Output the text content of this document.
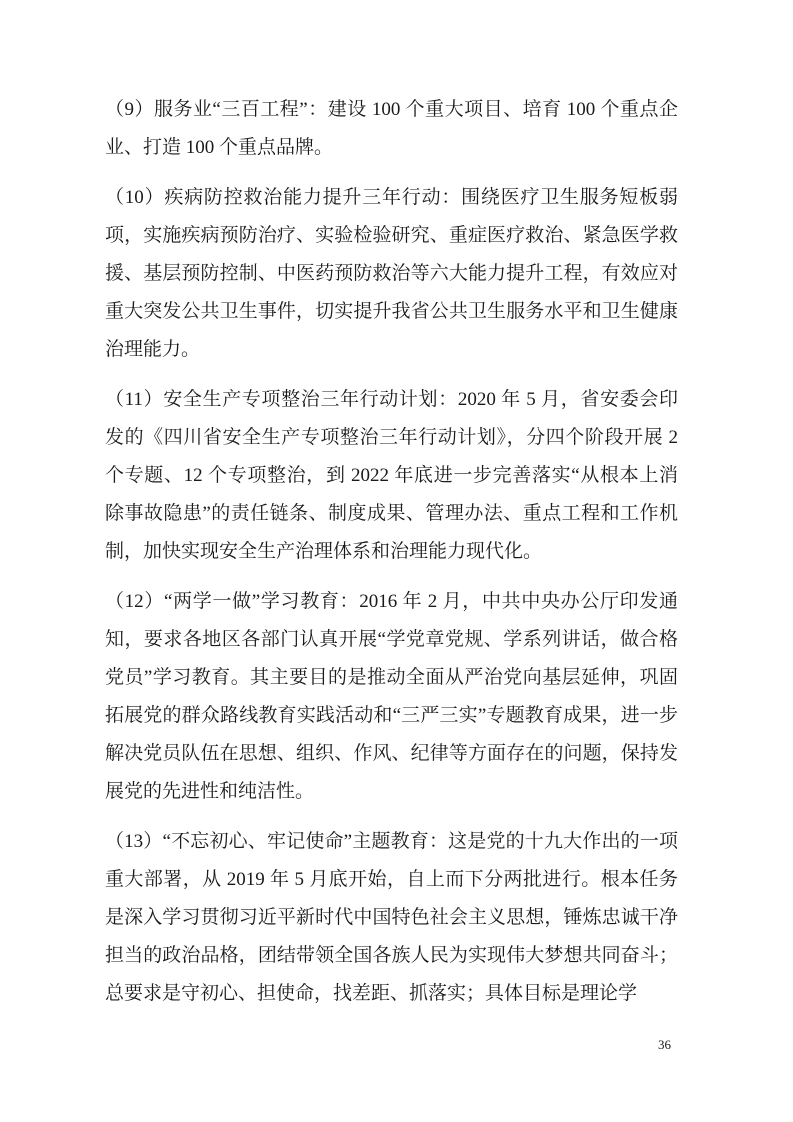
（9）服务业“三百工程”：建设 100 个重大项目、培育 100 个重点企业、打造 100 个重点品牌。

（10）疾病防控救治能力提升三年行动：围绕医疗卫生服务短板弱项，实施疾病预防治疗、实验检验研究、重症医疗救治、紧急医学救援、基层预防控制、中医药预防救治等六大能力提升工程，有效应对重大突发公共卫生事件，切实提升我省公共卫生服务水平和卫生健康治理能力。

（11）安全生产专项整治三年行动计划：2020 年 5 月，省安委会印发的《四川省安全生产专项整治三年行动计划》，分四个阶段开展 2 个专题、12 个专项整治，到 2022 年底进一步完善落实“从根本上消除事故隐患”的责任链条、制度成果、管理办法、重点工程和工作机制，加快实现安全生产治理体系和治理能力现代化。

（12）“两学一做”学习教育：2016 年 2 月，中共中央办公厅印发通知，要求各地区各部门认真开展“学党章党规、学系列讲话，做合格党员”学习教育。其主要目的是推动全面从严治党向基层延伸，巩固拓展党的群众路线教育实践活动和“三严三实”专题教育成果，进一步解决党员队伍在思想、组织、作风、纪律等方面存在的问题，保持发展党的先进性和纯洁性。

（13）“不忘初心、牢记使命”主题教育：这是党的十九大作出的一项重大部署，从 2019 年 5 月底开始，自上而下分两批进行。根本任务是深入学习贯彻习近平新时代中国特色社会主义思想，锤炼忠诚干净担当的政治品格，团结带领全国各族人民为实现伟大梦想共同奋斗；总要求是守初心、担使命，找差距、抓落实；具体目标是理论学

36
